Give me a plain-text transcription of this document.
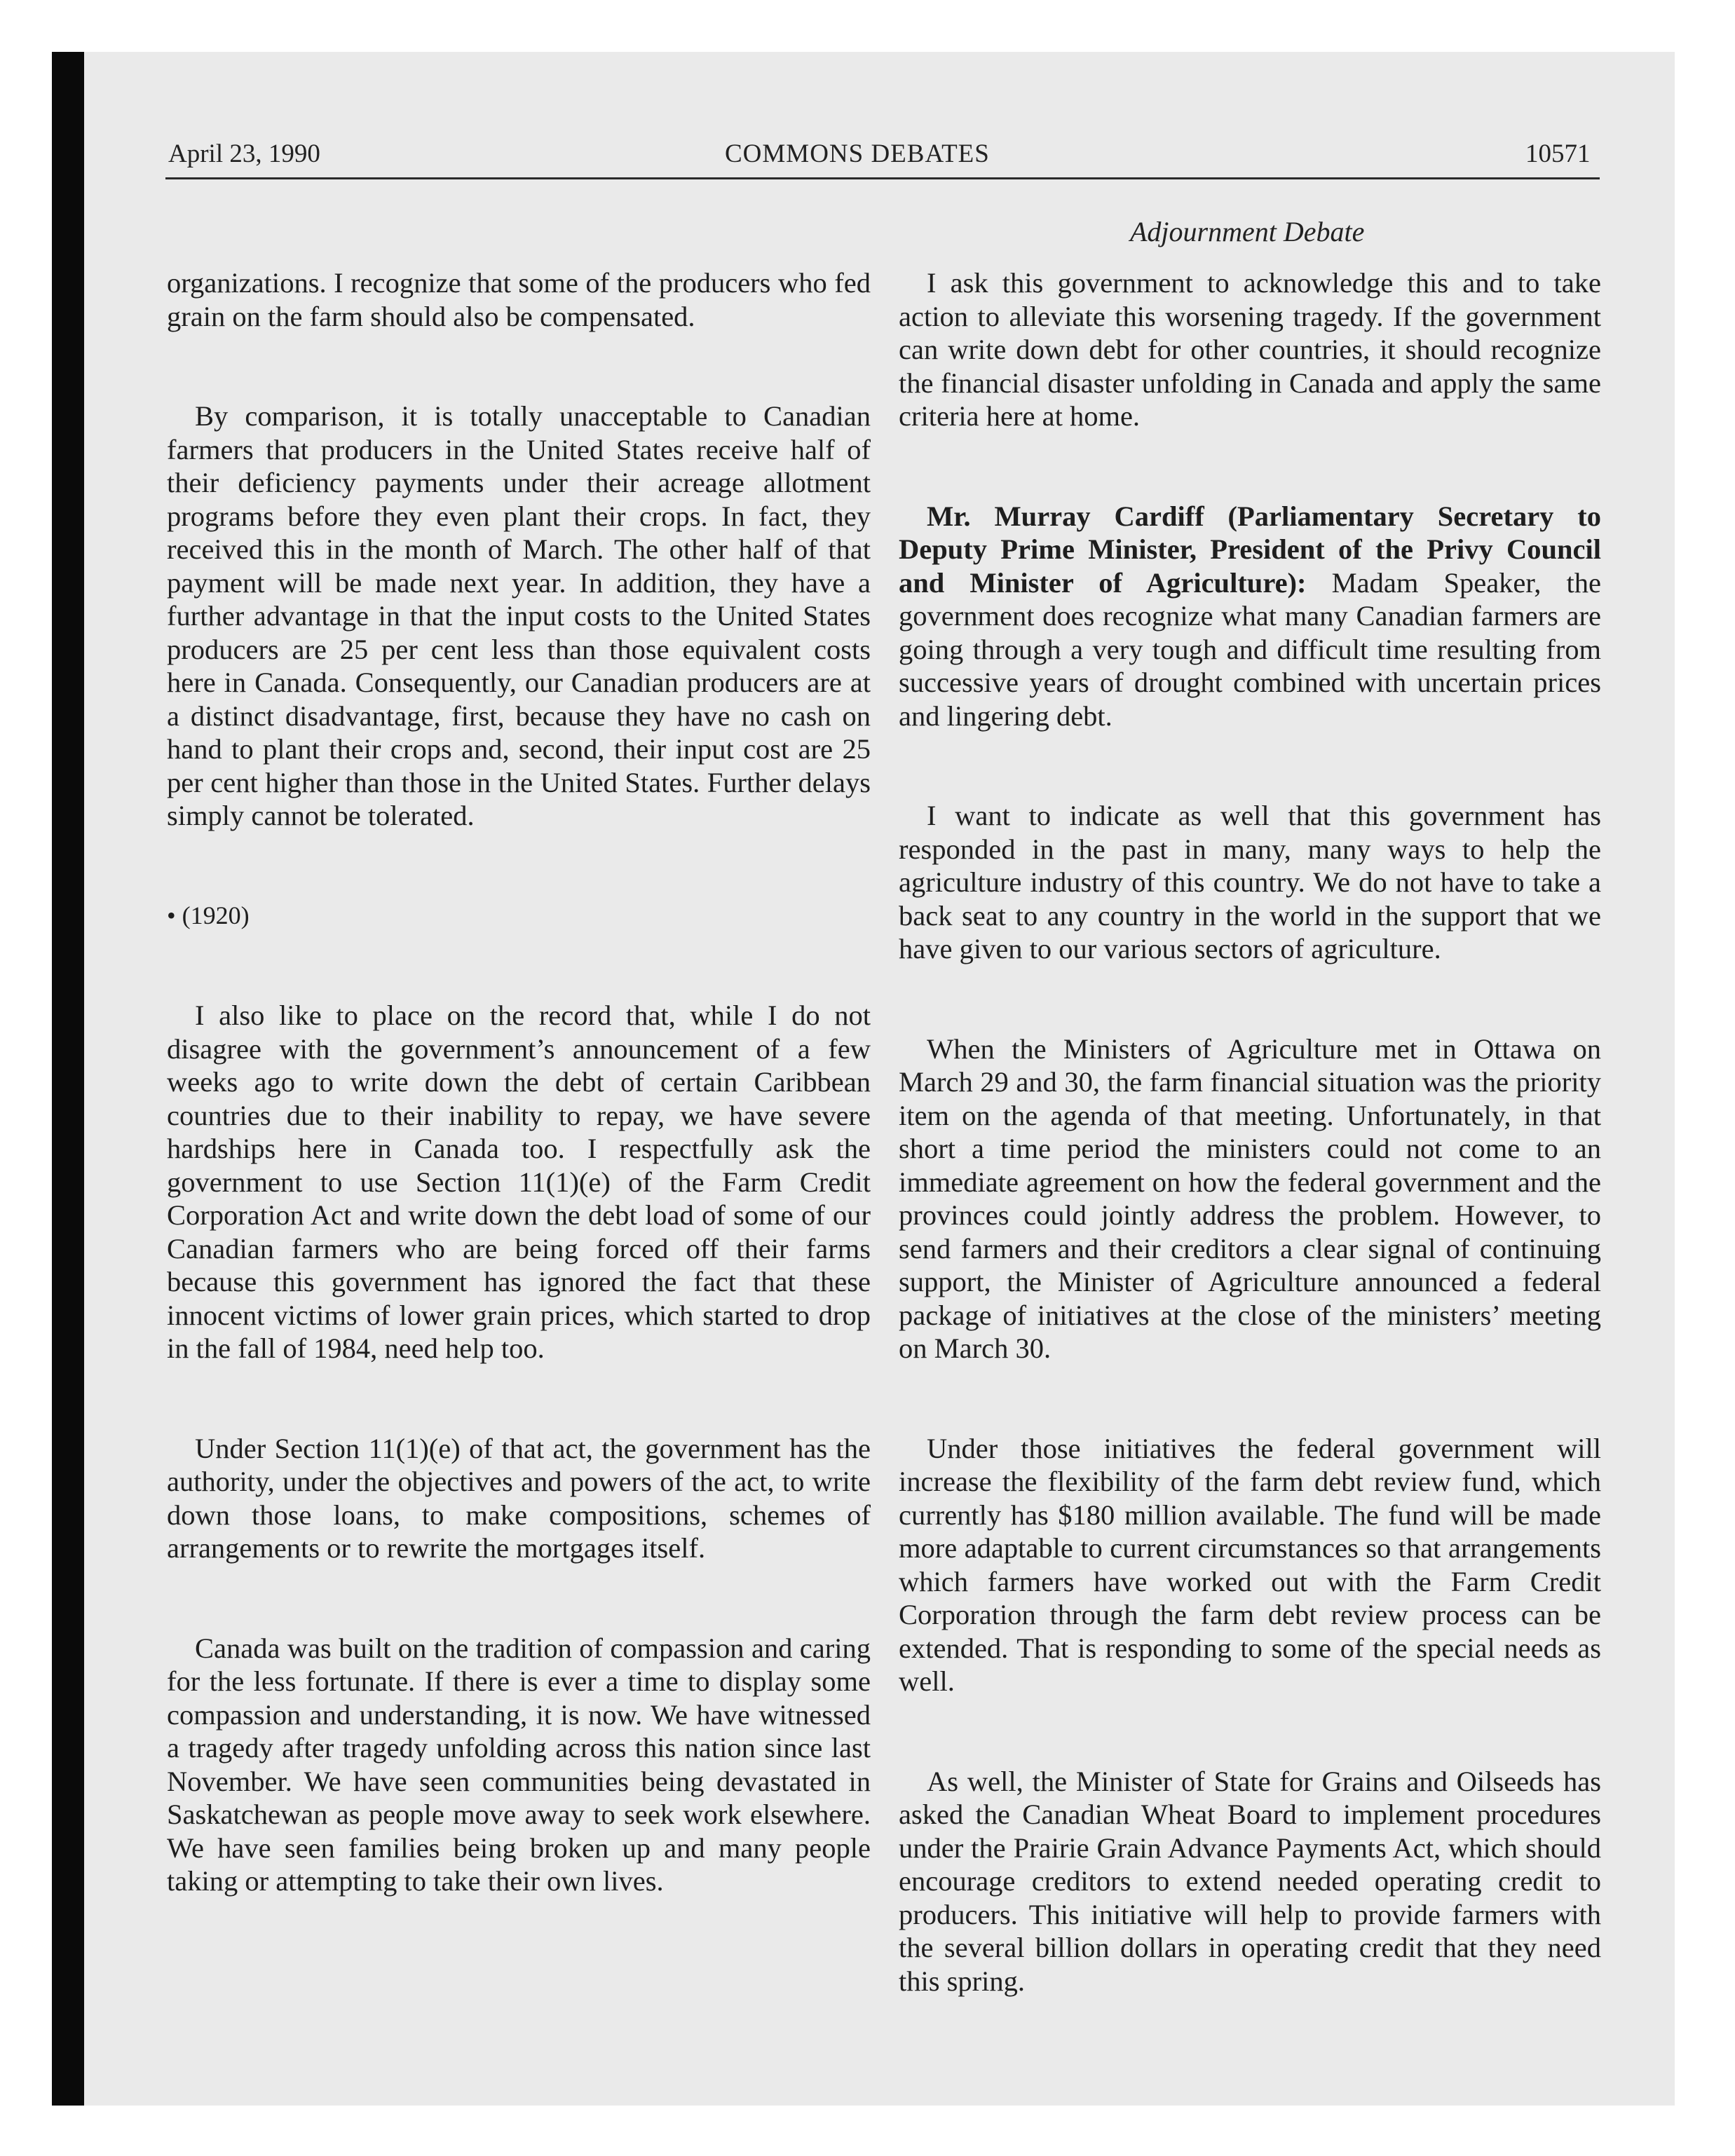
April 23, 1990	COMMONS DEBATES	10571
Adjournment Debate

organizations. I recognize that some of the producers who fed grain on the farm should also be compensated.

By comparison, it is totally unacceptable to Canadian farmers that producers in the United States receive half of their deficiency payments under their acreage allotment programs before they even plant their crops. In fact, they received this in the month of March. The other half of that payment will be made next year. In addition, they have a further advantage in that the input costs to the United States producers are 25 per cent less than those equivalent costs here in Canada. Consequently, our Canadian producers are at a distinct disadvantage, first, because they have no cash on hand to plant their crops and, second, their input cost are 25 per cent higher than those in the United States. Further delays simply cannot be tolerated.

• (1920)

I also like to place on the record that, while I do not disagree with the government’s announcement of a few weeks ago to write down the debt of certain Caribbean countries due to their inability to repay, we have severe hardships here in Canada too. I respectfully ask the government to use Section 11(1)(e) of the Farm Credit Corporation Act and write down the debt load of some of our Canadian farmers who are being forced off their farms because this government has ignored the fact that these innocent victims of lower grain prices, which started to drop in the fall of 1984, need help too.

Under Section 11(1)(e) of that act, the government has the authority, under the objectives and powers of the act, to write down those loans, to make compositions, schemes of arrangements or to rewrite the mortgages itself.

Canada was built on the tradition of compassion and caring for the less fortunate. If there is ever a time to display some compassion and understanding, it is now. We have witnessed a tragedy after tragedy unfolding across this nation since last November. We have seen communities being devastated in Saskatchewan as people move away to seek work elsewhere. We have seen families being broken up and many people taking or attempting to take their own lives.

I ask this government to acknowledge this and to take action to alleviate this worsening tragedy. If the government can write down debt for other countries, it should recognize the financial disaster unfolding in Canada and apply the same criteria here at home.

Mr. Murray Cardiff (Parliamentary Secretary to Deputy Prime Minister, President of the Privy Council and Minister of Agriculture): Madam Speaker, the government does recognize what many Canadian farmers are going through a very tough and difficult time resulting from successive years of drought combined with uncertain prices and lingering debt.

I want to indicate as well that this government has responded in the past in many, many ways to help the agriculture industry of this country. We do not have to take a back seat to any country in the world in the support that we have given to our various sectors of agriculture.

When the Ministers of Agriculture met in Ottawa on March 29 and 30, the farm financial situation was the priority item on the agenda of that meeting. Unfortunately, in that short a time period the ministers could not come to an immediate agreement on how the federal government and the provinces could jointly address the problem. However, to send farmers and their creditors a clear signal of continuing support, the Minister of Agriculture announced a federal package of initiatives at the close of the ministers’ meeting on March 30.

Under those initiatives the federal government will increase the flexibility of the farm debt review fund, which currently has $180 million available. The fund will be made more adaptable to current circumstances so that arrangements which farmers have worked out with the Farm Credit Corporation through the farm debt review process can be extended. That is responding to some of the special needs as well.

As well, the Minister of State for Grains and Oilseeds has asked the Canadian Wheat Board to implement procedures under the Prairie Grain Advance Payments Act, which should encourage creditors to extend needed operating credit to producers. This initiative will help to provide farmers with the several billion dollars in operating credit that they need this spring.
